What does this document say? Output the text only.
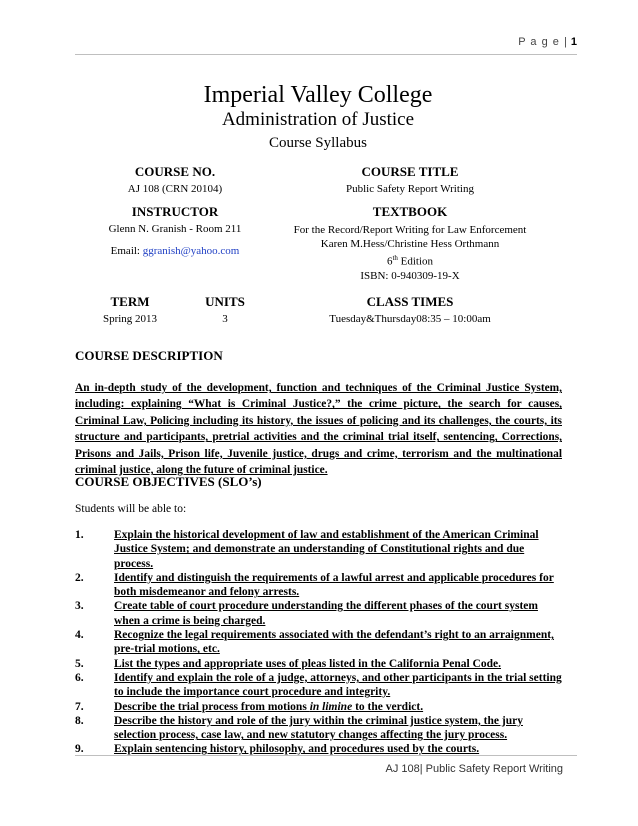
P a g e | 1
Imperial Valley College
Administration of Justice
Course Syllabus
COURSE NO.
AJ 108 (CRN 20104)
COURSE TITLE
Public Safety Report Writing
INSTRUCTOR
Glenn N. Granish - Room 211
Email: ggranish@yahoo.com
TEXTBOOK
For the Record/Report Writing for Law Enforcement
Karen M.Hess/Christine Hess Orthmann
6th Edition
ISBN: 0-940309-19-X
TERM
Spring 2013
UNITS
3
CLASS TIMES
Tuesday&Thursday08:35 – 10:00am
COURSE DESCRIPTION
An in-depth study of the development, function and techniques of the Criminal Justice System, including: explaining “What is Criminal Justice?,” the crime picture, the search for causes, Criminal Law, Policing including its history, the issues of policing and its challenges, the courts, its structure and participants, pretrial activities and the criminal trial itself, sentencing, Corrections, Prisons and Jails, Prison life, Juvenile justice, drugs and crime, terrorism and the multinational criminal justice, along the future of criminal justice.
COURSE OBJECTIVES (SLO’s)
Students will be able to:
1.	Explain the historical development of law and establishment of the American Criminal Justice System; and demonstrate an understanding of Constitutional rights and due process.
2.	Identify and distinguish the requirements of a lawful arrest and applicable procedures for both misdemeanor and felony arrests.
3.	Create table of court procedure understanding the different phases of the court system when a crime is being charged.
4.	Recognize the legal requirements associated with the defendant’s right to an arraignment, pre-trial motions, etc.
5.	List the types and appropriate uses of pleas listed in the California Penal Code.
6.	Identify and explain the role of a judge, attorneys, and other participants in the trial setting to include the importance court procedure and integrity.
7.	Describe the trial process from motions in limine to the verdict.
8.	Describe the history and role of the jury within the criminal justice system, the jury selection process, case law, and new statutory changes affecting the jury process.
9.	Explain sentencing history, philosophy, and procedures used by the courts.
AJ 108| Public Safety Report Writing
